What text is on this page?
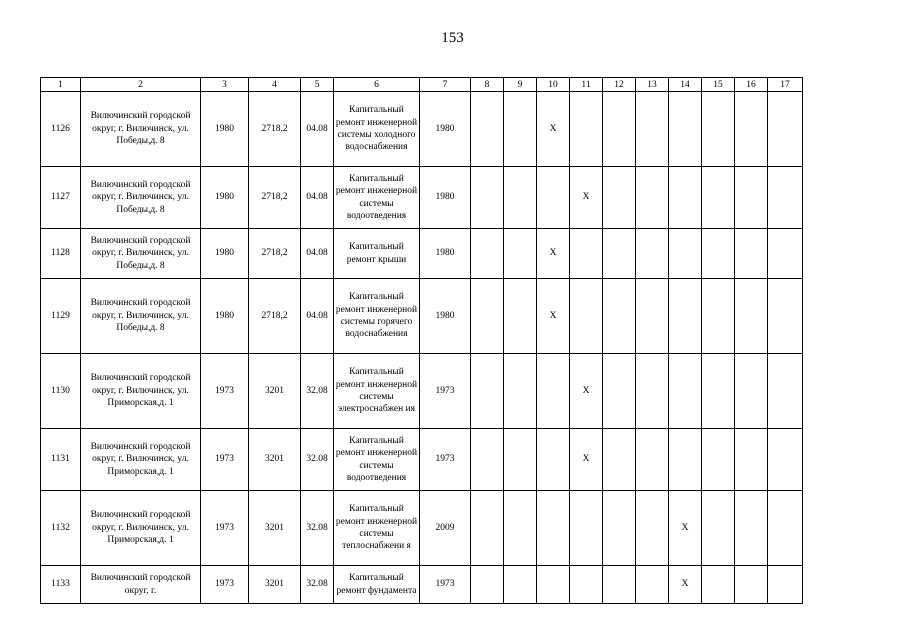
153
1	2	3	4	5	6	7	8	9	10	11	12	13	14	15	16	17
1126	Вилючинский городской округ, г. Вилючинск, ул. Победы,д. 8	1980	2718,2	04.08	Капитальный ремонт инженерной системы холодного водоснабжения	1980			Х							
1127	Вилючинский городской округ, г. Вилючинск, ул. Победы,д. 8	1980	2718,2	04.08	Капитальный ремонт инженерной системы водоотведения	1980				Х						
1128	Вилючинский городской округ, г. Вилючинск, ул. Победы,д. 8	1980	2718,2	04.08	Капитальный ремонт крыши	1980			Х							
1129	Вилючинский городской округ, г. Вилючинск, ул. Победы,д. 8	1980	2718,2	04.08	Капитальный ремонт инженерной системы горячего водоснабжения	1980			Х							
1130	Вилючинский городской округ, г. Вилючинск, ул. Приморская,д. 1	1973	3201	32.08	Капитальный ремонт инженерной системы электроснабжен ия	1973				Х						
1131	Вилючинский городской округ, г. Вилючинск, ул. Приморская,д. 1	1973	3201	32.08	Капитальный ремонт инженерной системы водоотведения	1973				Х						
1132	Вилючинский городской округ, г. Вилючинск, ул. Приморская,д. 1	1973	3201	32.08	Капитальный ремонт инженерной системы теплоснабжени я	2009							Х			
1133	Вилючинский городской округ, г.	1973	3201	32.08	Капитальный ремонт фундамента	1973							Х			
